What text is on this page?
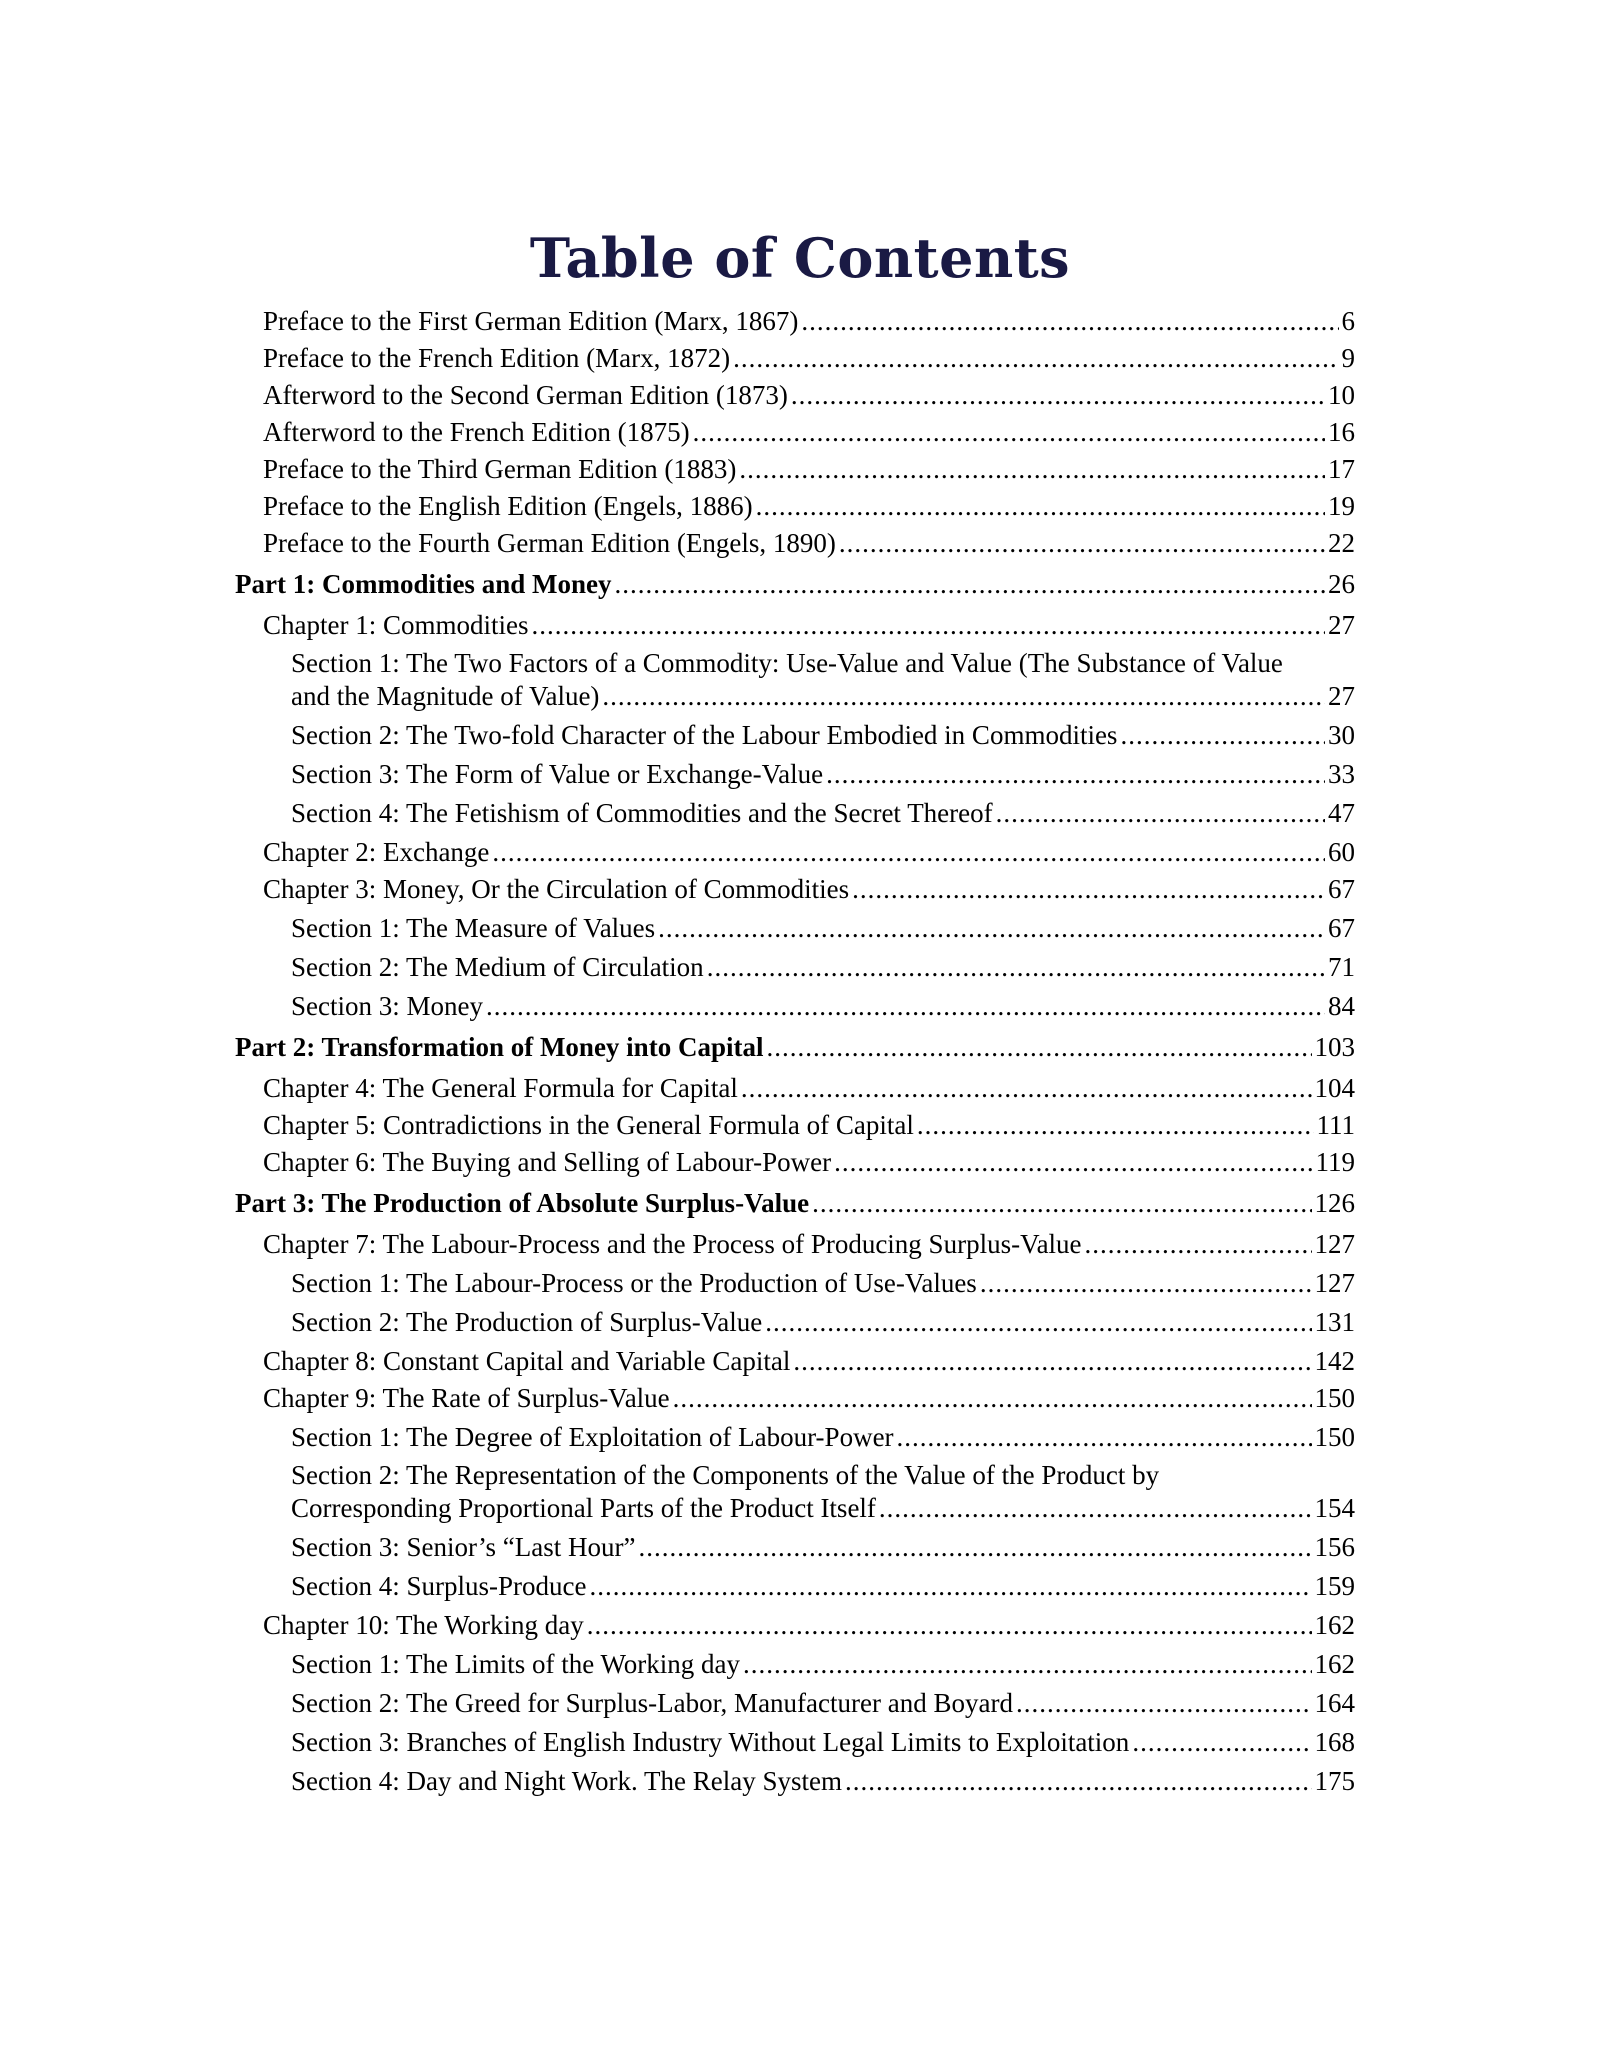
Table of Contents
Preface to the First German Edition (Marx, 1867) .....	6
Preface to the French Edition (Marx, 1872) .....	9
Afterword to the Second German Edition (1873) .....	10
Afterword to the French Edition (1875) .....	16
Preface to the Third German Edition (1883) .....	17
Preface to the English Edition (Engels, 1886) .....	19
Preface to the Fourth German Edition (Engels, 1890) .....	22
Part 1: Commodities and Money .....	26
Chapter 1: Commodities .....	27
Section 1: The Two Factors of a Commodity: Use-Value and Value (The Substance of Value
and the Magnitude of Value) .....	27
Section 2: The Two-fold Character of the Labour Embodied in Commodities .....	30
Section 3: The Form of Value or Exchange-Value .....	33
Section 4: The Fetishism of Commodities and the Secret Thereof .....	47
Chapter 2: Exchange .....	60
Chapter 3: Money, Or the Circulation of Commodities .....	67
Section 1: The Measure of Values .....	67
Section 2: The Medium of Circulation .....	71
Section 3: Money .....	84
Part 2: Transformation of Money into Capital .....	103
Chapter 4: The General Formula for Capital .....	104
Chapter 5: Contradictions in the General Formula of Capital .....	111
Chapter 6: The Buying and Selling of Labour-Power .....	119
Part 3: The Production of Absolute Surplus-Value .....	126
Chapter 7: The Labour-Process and the Process of Producing Surplus-Value .....	127
Section 1: The Labour-Process or the Production of Use-Values .....	127
Section 2: The Production of Surplus-Value .....	131
Chapter 8: Constant Capital and Variable Capital .....	142
Chapter 9: The Rate of Surplus-Value .....	150
Section 1: The Degree of Exploitation of Labour-Power .....	150
Section 2: The Representation of the Components of the Value of the Product by
Corresponding Proportional Parts of the Product Itself .....	154
Section 3: Senior’s “Last Hour” .....	156
Section 4: Surplus-Produce .....	159
Chapter 10: The Working day .....	162
Section 1: The Limits of the Working day .....	162
Section 2: The Greed for Surplus-Labor, Manufacturer and Boyard .....	164
Section 3: Branches of English Industry Without Legal Limits to Exploitation .....	168
Section 4: Day and Night Work. The Relay System .....	175
